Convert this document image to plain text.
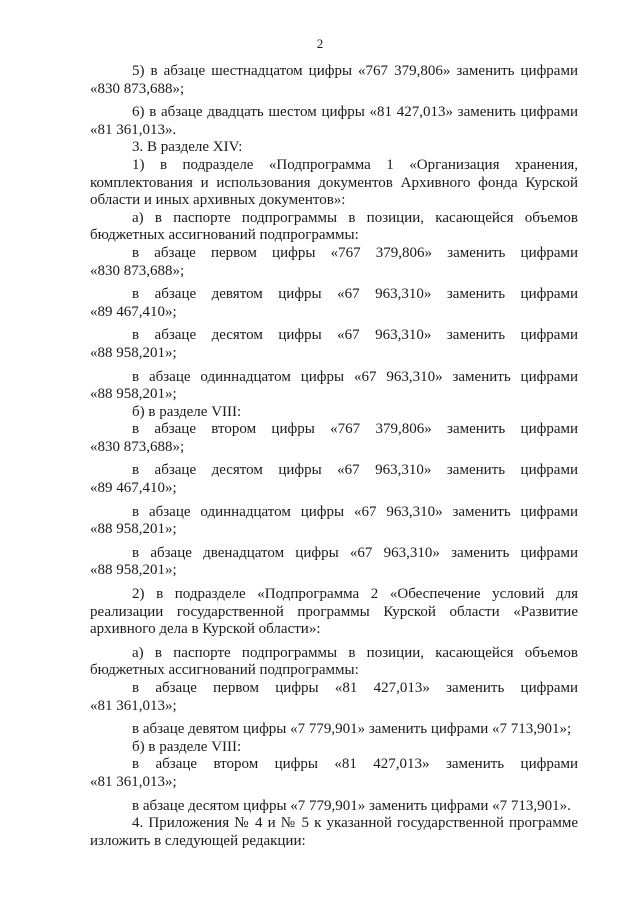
2

5) в абзаце шестнадцатом цифры «767 379,806» заменить цифрами

«830 873,688»;

6) в абзаце двадцать шестом цифры «81 427,013» заменить цифрами

«81 361,013».

3. В разделе XIV:

1) в подразделе «Подпрограмма 1 «Организация хранения,

комплектования и использования документов Архивного фонда Курской

области и иных архивных документов»:

а) в паспорте подпрограммы в позиции, касающейся объемов

бюджетных ассигнований подпрограммы:

в абзаце первом цифры «767 379,806» заменить цифрами

«830 873,688»;

в абзаце девятом цифры «67 963,310» заменить цифрами

«89 467,410»;

в абзаце десятом цифры «67 963,310» заменить цифрами

«88 958,201»;

в абзаце одиннадцатом цифры «67 963,310» заменить цифрами

«88 958,201»;

б) в разделе VIII:

в абзаце втором цифры «767 379,806» заменить цифрами

«830 873,688»;

в абзаце десятом цифры «67 963,310» заменить цифрами

«89 467,410»;

в абзаце одиннадцатом цифры «67 963,310» заменить цифрами

«88 958,201»;

в абзаце двенадцатом цифры «67 963,310» заменить цифрами

«88 958,201»;

2) в подразделе «Подпрограмма 2 «Обеспечение условий для

реализации государственной программы Курской области «Развитие

архивного дела в Курской области»:

а) в паспорте подпрограммы в позиции, касающейся объемов

бюджетных ассигнований подпрограммы:

в абзаце первом цифры «81 427,013» заменить цифрами

«81 361,013»;

в абзаце девятом цифры «7 779,901» заменить цифрами «7 713,901»;

б) в разделе VIII:

в абзаце втором цифры «81 427,013» заменить цифрами

«81 361,013»;

в абзаце десятом цифры «7 779,901» заменить цифрами «7 713,901».

4. Приложения № 4 и № 5 к указанной государственной программе

изложить в следующей редакции:
